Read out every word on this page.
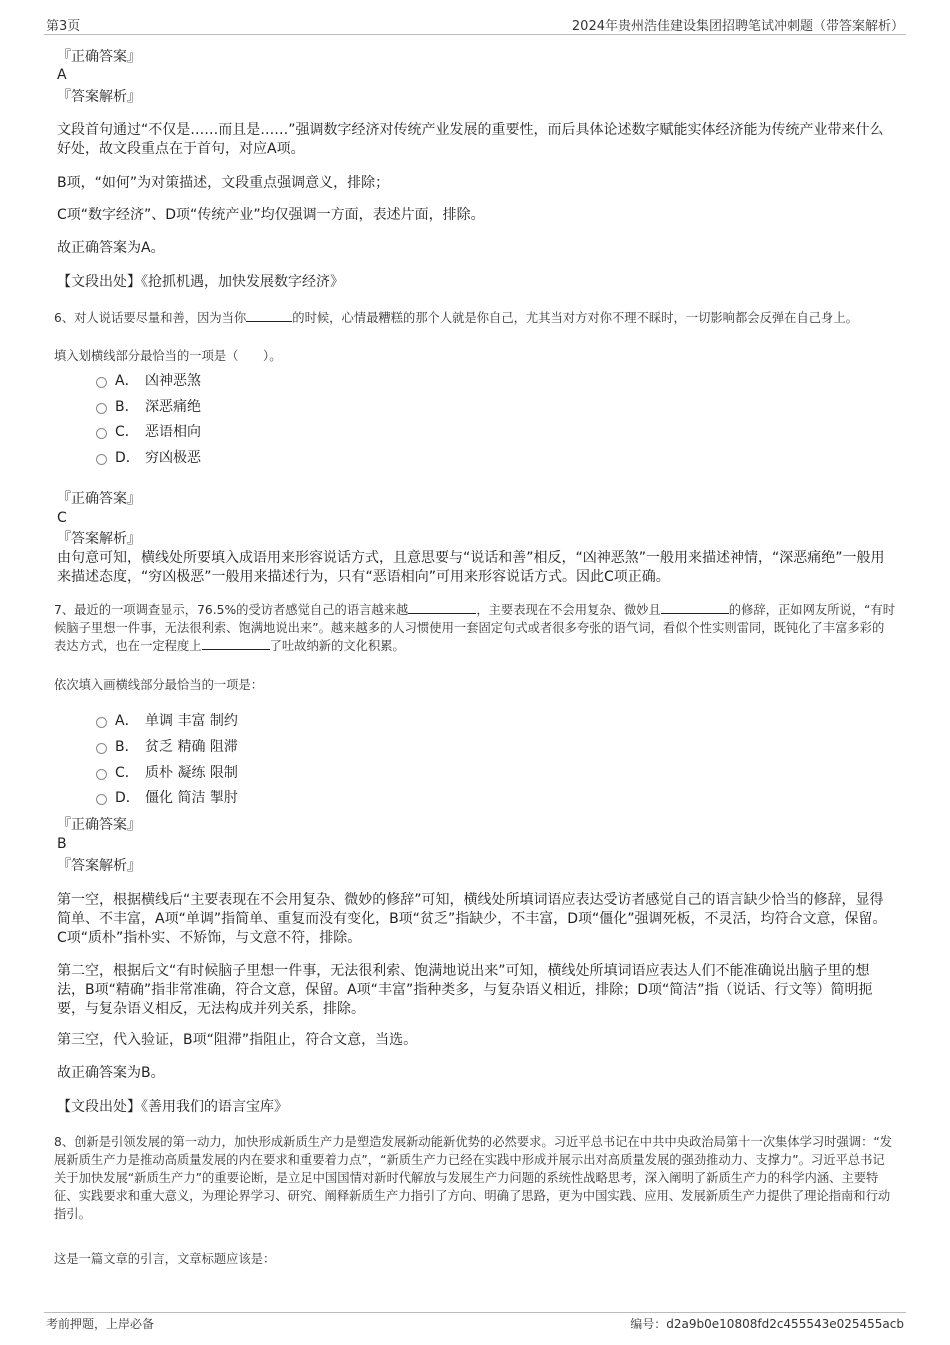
第3页	2024年贵州浩佳建设集团招聘笔试冲刺题（带答案解析）
『正确答案』
A
『答案解析』
文段首句通过“不仅是……而且是……”强调数字经济对传统产业发展的重要性，而后具体论述数字赋能实体经济能为传统产业带来什么好处，故文段重点在于首句，对应A项。
B项，“如何”为对策描述，文段重点强调意义，排除；
C项“数字经济”、D项“传统产业”均仅强调一方面，表述片面，排除。
故正确答案为A。
【文段出处】《抢抓机遇，加快发展数字经济》
6、对人说话要尽量和善，因为当你	的时候，心情最糟糕的那个人就是你自己，尤其当对方对你不理不睬时，一切影响都会反弹在自己身上。
填入划横线部分最恰当的一项是（　　）。
A． 凶神恶煞
B． 深恶痛绝
C． 恶语相向
D． 穷凶极恶
『正确答案』
C
『答案解析』
由句意可知，横线处所要填入成语用来形容说话方式，且意思要与“说话和善”相反，“凶神恶煞”一般用来描述神情，“深恶痛绝”一般用来描述态度，“穷凶极恶”一般用来描述行为，只有“恶语相向”可用来形容说话方式。因此C项正确。
7、最近的一项调查显示，76.5%的受访者感觉自己的语言越来越	，主要表现在不会用复杂、微妙且	的修辞，正如网友所说，“有时候脑子里想一件事，无法很利索、饱满地说出来”。越来越多的人习惯使用一套固定句式或者很多夸张的语气词，看似个性实则雷同，既钝化了丰富多彩的表达方式，也在一定程度上	了吐故纳新的文化积累。
依次填入画横线部分最恰当的一项是：
A． 单调 丰富 制约
B． 贫乏 精确 阻滞
C． 质朴 凝练 限制
D． 僵化 简洁 掣肘
『正确答案』
B
『答案解析』
第一空，根据横线后“主要表现在不会用复杂、微妙的修辞”可知，横线处所填词语应表达受访者感觉自己的语言缺少恰当的修辞，显得简单、不丰富，A项“单调”指简单、重复而没有变化，B项“贫乏”指缺少，不丰富，D项“僵化”强调死板，不灵活，均符合文意，保留。C项“质朴”指朴实、不矫饰，与文意不符，排除。
第二空，根据后文“有时候脑子里想一件事，无法很利索、饱满地说出来”可知，横线处所填词语应表达人们不能准确说出脑子里的想法，B项“精确”指非常准确，符合文意，保留。A项“丰富”指种类多，与复杂语义相近，排除；D项“简洁”指（说话、行文等）简明扼要，与复杂语义相反，无法构成并列关系，排除。
第三空，代入验证，B项“阻滞”指阻止，符合文意，当选。
故正确答案为B。
【文段出处】《善用我们的语言宝库》
8、创新是引领发展的第一动力，加快形成新质生产力是塑造发展新动能新优势的必然要求。习近平总书记在中共中央政治局第十一次集体学习时强调：“发展新质生产力是推动高质量发展的内在要求和重要着力点”，“新质生产力已经在实践中形成并展示出对高质量发展的强劲推动力、支撑力”。习近平总书记关于加快发展“新质生产力”的重要论断，是立足中国国情对新时代解放与发展生产力问题的系统性战略思考，深入阐明了新质生产力的科学内涵、主要特征、实践要求和重大意义，为理论界学习、研究、阐释新质生产力指引了方向、明确了思路，更为中国实践、应用、发展新质生产力提供了理论指南和行动指引。
这是一篇文章的引言，文章标题应该是：
考前押题，上岸必备	编号：d2a9b0e10808fd2c455543e025455acb
